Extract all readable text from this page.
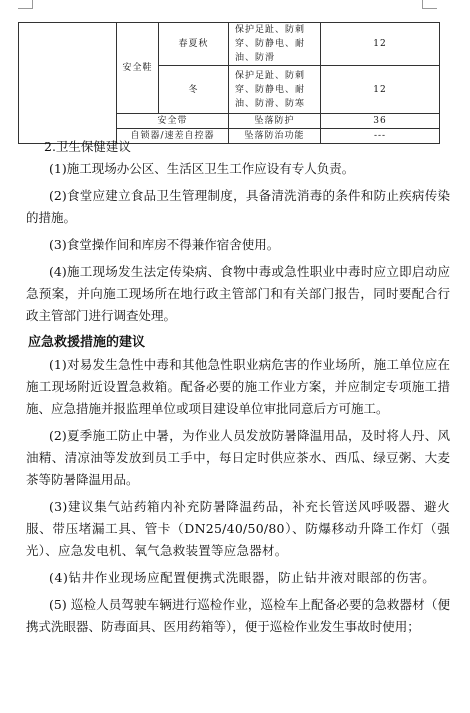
	安全鞋	春夏秋	保护足趾、防刺穿、防静电、耐油、防滑	12
		冬	保护足趾、防刺穿、防静电、耐油、防滑、防寒	12
	安全带		坠落防护	36
	自锁器/速差自控器		坠落防治功能	---

2.卫生保健建议

(1)施工现场办公区、生活区卫生工作应设有专人负责。

(2)食堂应建立食品卫生管理制度，具备清洗消毒的条件和防止疾病传染的措施。

(3)食堂操作间和库房不得兼作宿舍使用。

(4)施工现场发生法定传染病、食物中毒或急性职业中毒时应立即启动应急预案，并向施工现场所在地行政主管部门和有关部门报告，同时要配合行政主管部门进行调查处理。

应急救援措施的建议

(1)对易发生急性中毒和其他急性职业病危害的作业场所，施工单位应在施工现场附近设置急救箱。配备必要的施工作业方案，并应制定专项施工措施、应急措施并报监理单位或项目建设单位审批同意后方可施工。

(2)夏季施工防止中暑，为作业人员发放防暑降温用品，及时将人丹、风油精、清凉油等发放到员工手中，每日定时供应茶水、西瓜、绿豆粥、大麦茶等防暑降温用品。

(3)建议集气站药箱内补充防暑降温药品，补充长管送风呼吸器、避火服、带压堵漏工具、管卡（DN25/40/50/80）、防爆移动升降工作灯（强光）、应急发电机、氧气急救装置等应急器材。

(4)钻井作业现场应配置便携式洗眼器，防止钻井液对眼部的伤害。

(5) 巡检人员驾驶车辆进行巡检作业，巡检车上配备必要的急救器材（便携式洗眼器、防毒面具、医用药箱等），便于巡检作业发生事故时使用；
